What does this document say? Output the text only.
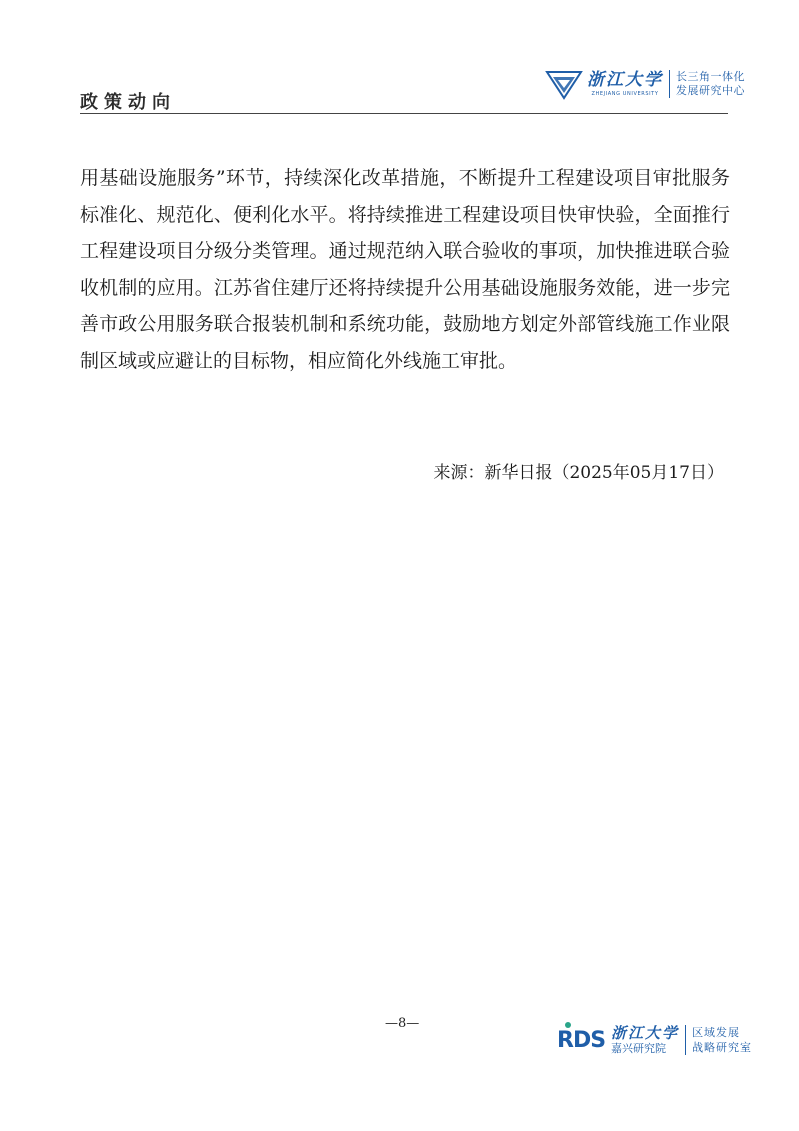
政策动向
浙江大学
ZHEJIANG UNIVERSITY
长三角一体化
发展研究中心

用基础设施服务”环节，持续深化改革措施，不断提升工程建设项目审批服务标准化、规范化、便利化水平。将持续推进工程建设项目快审快验，全面推行工程建设项目分级分类管理。通过规范纳入联合验收的事项，加快推进联合验收机制的应用。江苏省住建厅还将持续提升公用基础设施服务效能，进一步完善市政公用服务联合报装机制和系统功能，鼓励地方划定外部管线施工作业限制区域或应避让的目标物，相应简化外线施工审批。

来源：新华日报（2025年05月17日）
—8—
RDS 浙江大学
嘉兴研究院
区域发展
战略研究室
